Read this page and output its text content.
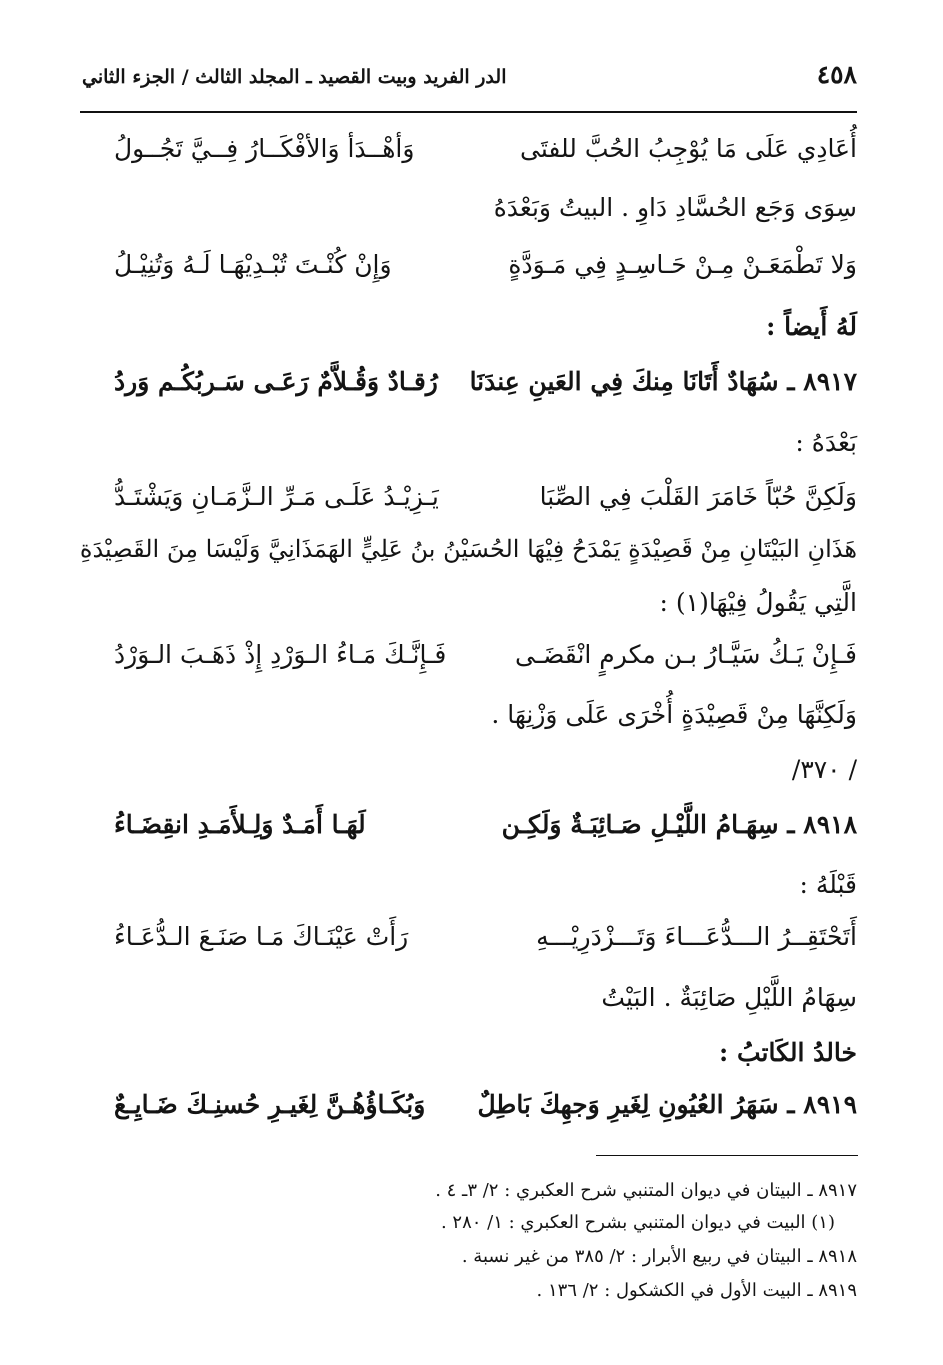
٤٥٨
الدر الفريد وبيت القصيد ـ المجلد الثالث / الجزء الثاني
أُعَادِي عَلَى مَا يُوْجِبُ الحُبَّ للفتَى
وَأهْــدَأ وَالأفْكَــارُ فِــيَّ تَجُــولُ
سِوَى وَجَع الحُسَّادِ دَاوِ . البيتُ وَبَعْدَهُ
وَلا تَطْمَعَـنْ مِـنْ حَـاسِـدٍ فِي مَـوَدَّةٍ
وَإِنْ كُنْـتَ تُبْـدِيْهَـا لَـهُ وَتُنِيْـلُ
لَهُ أَيضاً :
٨٩١٧ ـ سُهَادٌ أَتَانَا مِنكَ فِي العَينِ عِندَنَا
رُقـادٌ وَقُـلاَّمٌ رَعَـى سَـربُكُـم وَردُ
بَعْدَهُ :
وَلَكِنَّ حُبّاً خَامَرَ القَلْبَ فِي الصِّبَا
يَـزِيْـدُ عَلَـى مَـرِّ الـزَّمَـانِ وَيَشْتَـدُّ
هَذَانِ البَيْتَانِ مِنْ قَصِيْدَةٍ يَمْدَحُ فِيْهَا الحُسَيْنُ بنُ عَلِيٍّ الهَمَذَانِيَّ وَلَيْسَا مِنَ القَصِيْدَةِ
الَّتِي يَقُولُ فِيْهَا(١) :
فَـإِنْ يَـكُ سَيَّـارُ بـن مكرمٍ انْقَضَـى
فَـإِنَّـكَ مَـاءُ الـوَرْدِ إِذْ ذَهَـبَ الـوَرْدُ
وَلَكِنَّهَا مِنْ قَصِيْدَةٍ أُخْرَى عَلَى وَزْنِهَا .
/ ٣٧٠/
٨٩١٨ ـ سِهَـامُ اللَّيْـلِ صَـائِبَـةٌ وَلَكِـن
لَهَـا أَمَـدٌ وَلِـلأَمَـدِ انقِضَـاءُ
قَبْلَهُ :
أَتَحْتَقِــرُ الـــدُّعَـــاءَ وَتَـــزْدَرِيْـــهِ
رَأَتْ عَيْنَـاكَ مَـا صَنَـعَ الـدُّعَـاءُ
سِهَامُ اللَّيْلِ صَائِبَةٌ . البَيْتُ
خالدُ الكَاتبُ :
٨٩١٩ ـ سَهَرُ العُيُونِ لِغَيرِ وَجهِكَ بَاطِلٌ
وَبُكَـاؤُهُـنَّ لِغَيـرِ حُسنِـكَ ضَـايِـعٌ
٨٩١٧ ـ البيتان في ديوان المتنبي شرح العكبري : ٢/ ٣ـ ٤ .
(١) البيت في ديوان المتنبي بشرح العكبري : ١/ ٢٨٠ .
٨٩١٨ ـ البيتان في ربيع الأبرار : ٢/ ٣٨٥ من غير نسبة .
٨٩١٩ ـ البيت الأول في الكشكول : ٢/ ١٣٦ .
